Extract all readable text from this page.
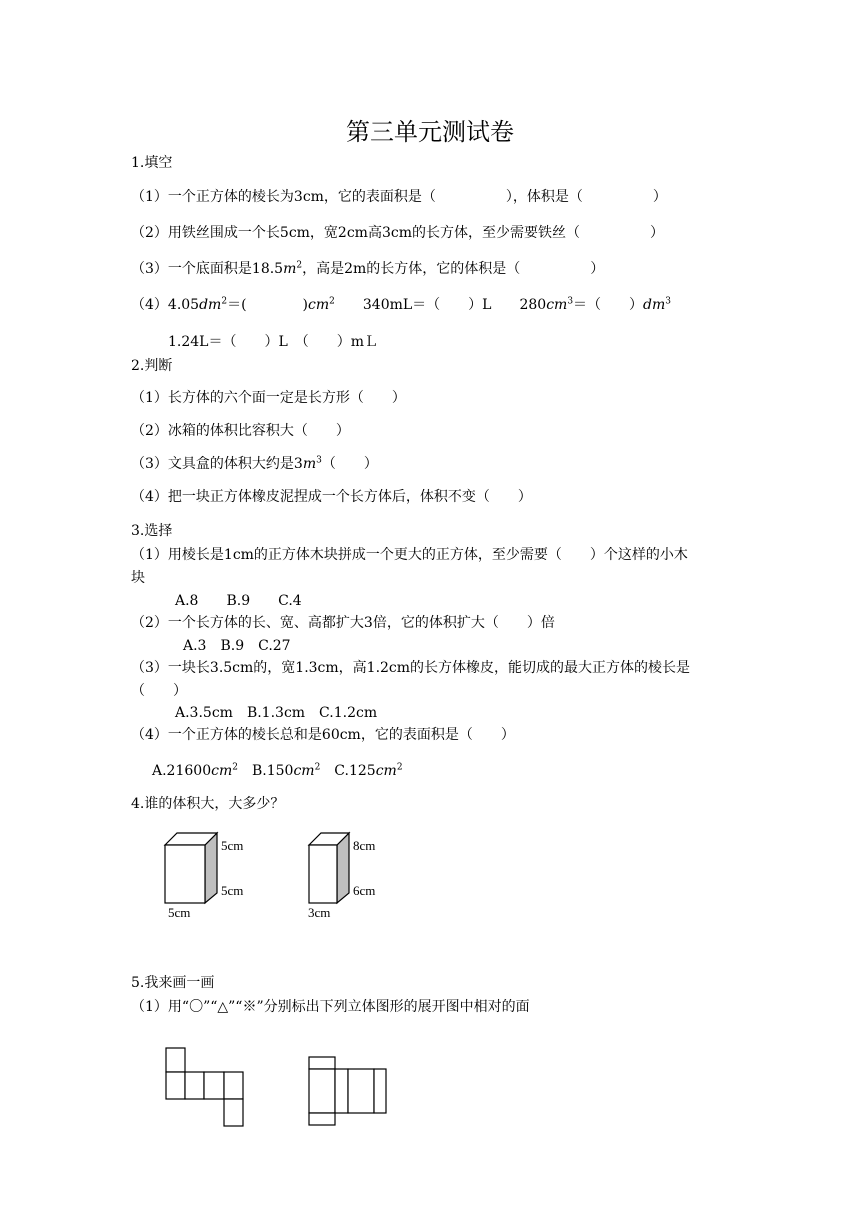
第三单元测试卷
1.填空
（1）一个正方体的棱长为3cm，它的表面积是（　　　　　），体积是（　　　　　）
（2）用铁丝围成一个长5cm，宽2cm高3cm的长方体，至少需要铁丝（　　　　　）
（3）一个底面积是$18.5m^2$，高是2m的长方体，它的体积是（　　　　　）
$(4)4.05dm^2=$(　　　　)$cm^2$　　340mL＝（　　）L　　$280cm^3=$（　　）$dm^3$
1.24L＝（　　）L　（　　）mＬ
2.判断
（1）长方体的六个面一定是长方形（　　）
（2）冰箱的体积比容积大（　　）
（3）文具盒的体积大约是$3m^3$（　　）
（4）把一块正方体橡皮泥捏成一个长方体后，体积不变（　　）
3.选择
（1）用棱长是1cm的正方体木块拼成一个更大的正方体，至少需要（　　）个这样的小木
块
A.8　　B.9　　C.4
（2）一个长方体的长、宽、高都扩大3倍，它的体积扩大（　　）倍
A.3　B.9　C.27
（3）一块长3.5cm的，宽1.3cm，高1.2cm的长方体橡皮，能切成的最大正方体的棱长是
（　　）
A.3.5cm　B.1.3cm　C.1.2cm
（4）一个正方体的棱长总和是60cm，它的表面积是（　　）
$A.21600cm^2$　$B.150cm^2$　$C.125cm^2$
4.谁的体积大，大多少？
5cm
5cm
5cm
8cm
6cm
3cm
5.我来画一画
（1）用“〇”“△”“※”分别标出下列立体图形的展开图中相对的面
